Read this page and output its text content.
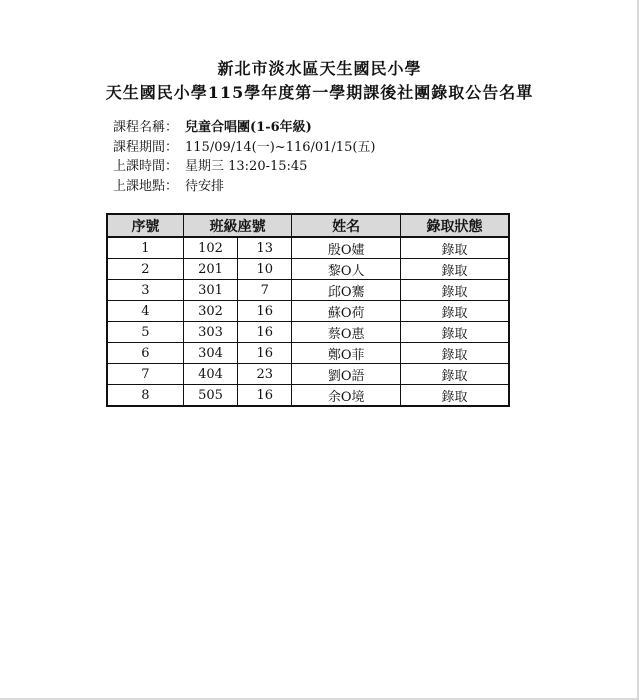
新北市淡水區天生國民小學
天生國民小學115學年度第一學期課後社團錄取公告名單
課程名稱： 兒童合唱團(1-6年級)
課程期間： 115/09/14(一)~116/01/15(五)
上課時間： 星期三 13:20-15:45
上課地點： 待安排
序號	班級座號		姓名	錄取狀態
1	102	13	殷O嫿	錄取
2	201	10	黎O人	錄取
3	301	7	邱O騫	錄取
4	302	16	蘇O荷	錄取
5	303	16	蔡O惠	錄取
6	304	16	鄭O菲	錄取
7	404	23	劉O語	錄取
8	505	16	余O境	錄取
